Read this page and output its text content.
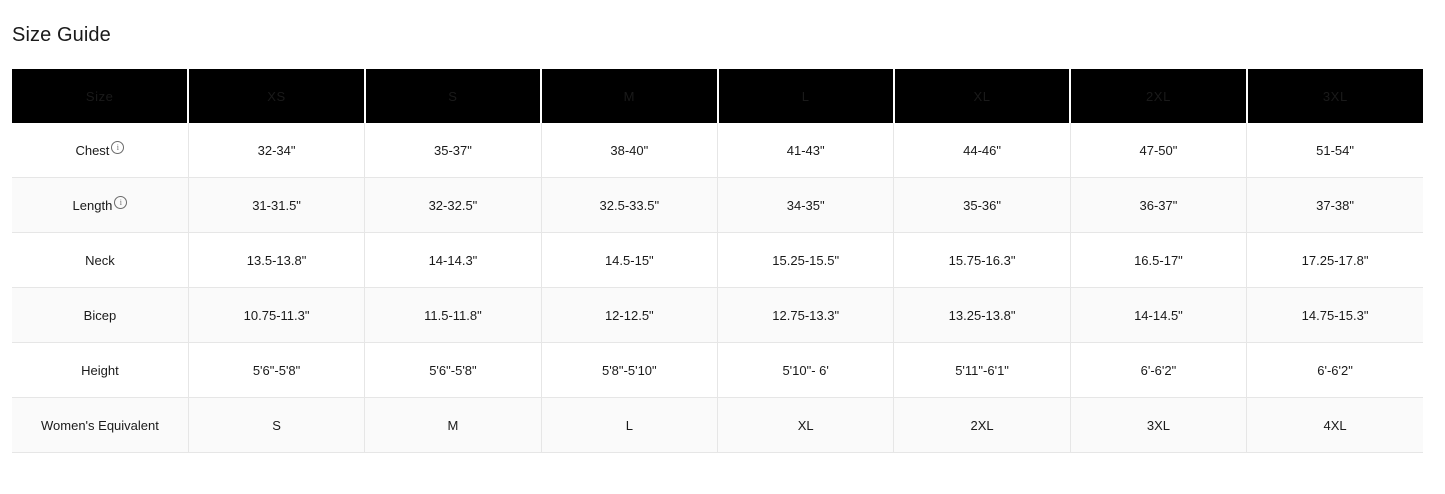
Size Guide
Size	XS	S	M	L	XL	2XL	3XL

Chest i	32-34"	35-37"	38-40"	41-43"	44-46"	47-50"	51-54"

Length i	31-31.5"	32-32.5"	32.5-33.5"	34-35"	35-36"	36-37"	37-38"

Neck	13.5-13.8"	14-14.3"	14.5-15"	15.25-15.5"	15.75-16.3"	16.5-17"	17.25-17.8"

Bicep	10.75-11.3"	11.5-11.8"	12-12.5"	12.75-13.3"	13.25-13.8"	14-14.5"	14.75-15.3"

Height	5'6"-5'8"	5'6"-5'8"	5'8"-5'10"	5'10"- 6'	5'11"-6'1"	6'-6'2"	6'-6'2"

Women's Equivalent	S	M	L	XL	2XL	3XL	4XL
